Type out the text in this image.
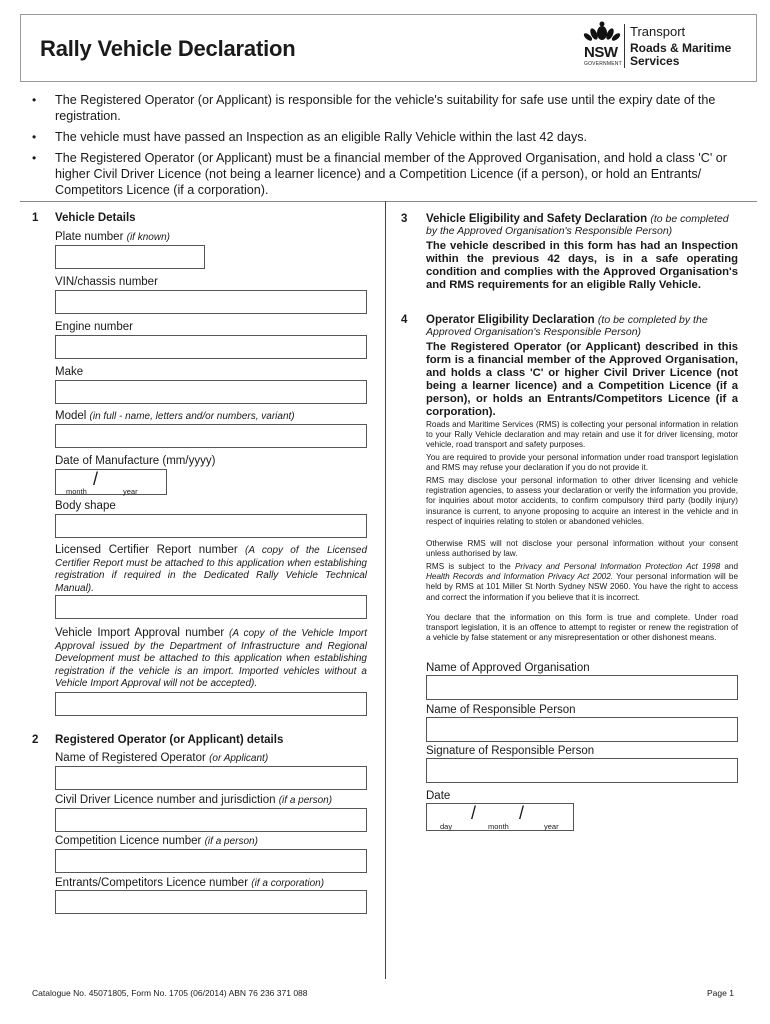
Rally Vehicle Declaration	NSW
GOVERNMENT
Transport
Roads & Maritime
Services
•	The Registered Operator (or Applicant) is responsible for the vehicle's suitability for safe use until the expiry date of the registration.
•	The vehicle must have passed an Inspection as an eligible Rally Vehicle within the last 42 days.
•	The Registered Operator (or Applicant) must be a financial member of the Approved Organisation, and hold a class 'C' or higher Civil Driver Licence (not being a learner licence) and a Competition Licence (if a person), or hold an Entrants/ Competitors Licence (if a corporation).
1 Vehicle Details
Plate number (if known)
VIN/chassis number
Engine number
Make
Model (in full - name, letters and/or numbers, variant)
Date of Manufacture (mm/yyyy)
/
month	year
Body shape
Licensed Certifier Report number (A copy of the Licensed Certifier Report must be attached to this application when establishing registration if required in the Dedicated Rally Vehicle Technical Manual).
Vehicle Import Approval number (A copy of the Vehicle Import Approval issued by the Department of Infrastructure and Regional Development must be attached to this application when establishing registration if the vehicle is an import. Imported vehicles without a Vehicle Import Approval will not be accepted).
2 Registered Operator (or Applicant) details
Name of Registered Operator (or Applicant)
Civil Driver Licence number and jurisdiction (if a person)
Competition Licence number (if a person)
Entrants/Competitors Licence number (if a corporation)
3 Vehicle Eligibility and Safety Declaration (to be completed by the Approved Organisation's Responsible Person)
The vehicle described in this form has had an Inspection within the previous 42 days, is in a safe operating condition and complies with the Approved Organisation's and RMS requirements for an eligible Rally Vehicle.
4 Operator Eligibility Declaration (to be completed by the Approved Organisation's Responsible Person)
The Registered Operator (or Applicant) described in this form is a financial member of the Approved Organisation, and holds a class 'C' or higher Civil Driver Licence (not being a learner licence) and a Competition Licence (if a person), or holds an Entrants/Competitors Licence (if a corporation).
Roads and Maritime Services (RMS) is collecting your personal information in relation to your Rally Vehicle declaration and may retain and use it for driver licensing, motor vehicle, road transport and safety purposes.
You are required to provide your personal information under road transport legislation and RMS may refuse your declaration if you do not provide it.
RMS may disclose your personal information to other driver licensing and vehicle registration agencies, to assess your declaration or verify the information you provide, for inquiries about motor accidents, to confirm compulsory third party (bodily injury) insurance is current, to anyone proposing to acquire an interest in the vehicle and in respect of inquiries relating to stolen or abandoned vehicles.
Otherwise RMS will not disclose your personal information without your consent unless authorised by law.
RMS is subject to the Privacy and Personal Information Protection Act 1998 and Health Records and Information Privacy Act 2002. Your personal information will be held by RMS at 101 Miller St North Sydney NSW 2060. You have the right to access and correct the information if you believe that it is incorrect.
You declare that the information on this form is true and complete. Under road transport legislation, it is an offence to attempt to register or renew the registration of a vehicle by false statement or any misrepresentation or other dishonest means.
Name of Approved Organisation
Name of Responsible Person
Signature of Responsible Person
Date
/ /
day	month	year
Catalogue No. 45071805, Form No. 1705 (06/2014) ABN 76 236 371 088	Page 1
